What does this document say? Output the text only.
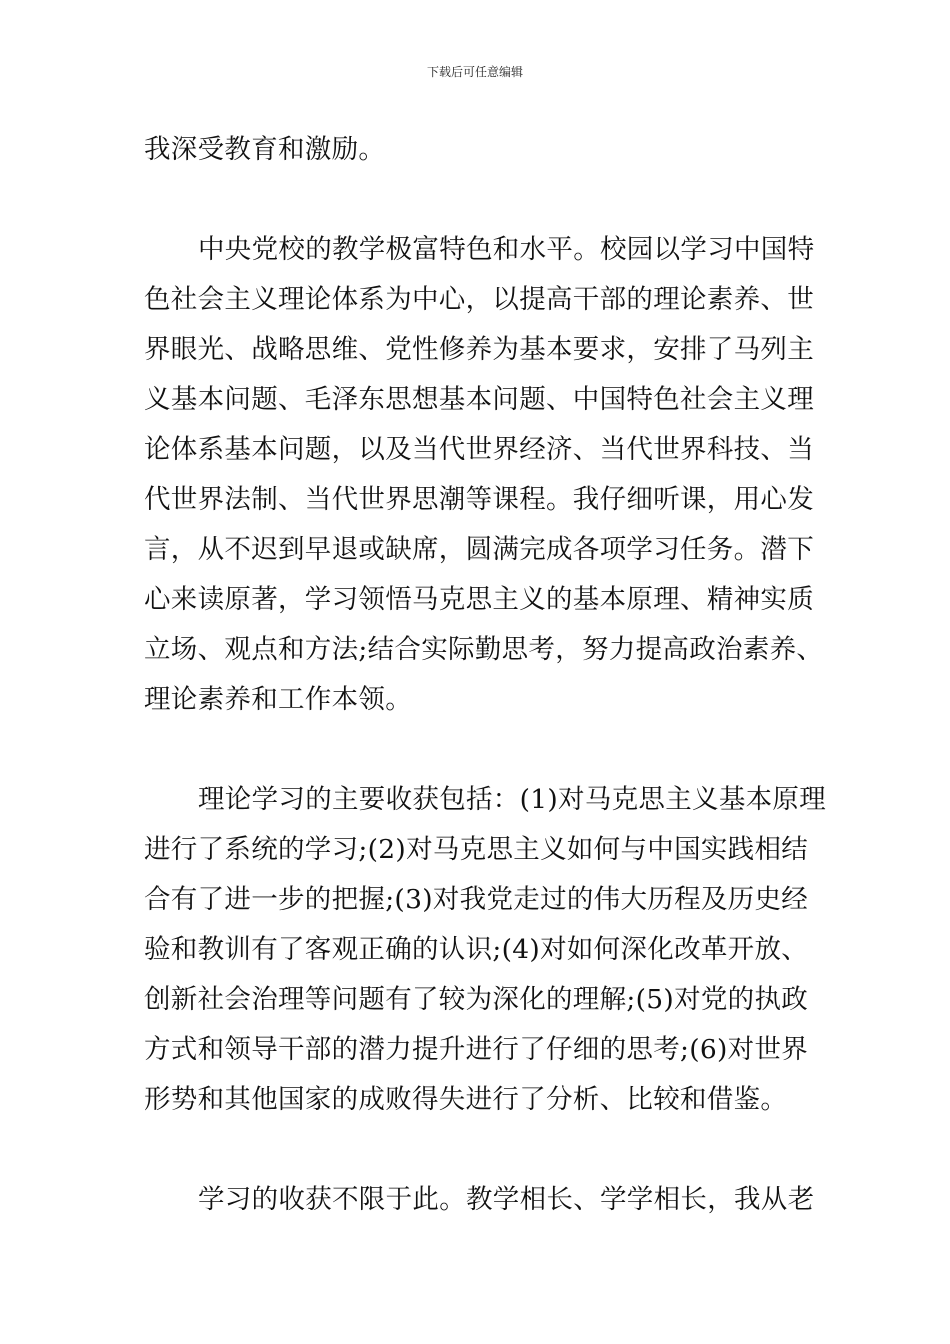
下载后可任意编辑
我深受教育和激励。
中央党校的教学极富特色和水平。校园以学习中国特
色社会主义理论体系为中心，以提高干部的理论素养、世
界眼光、战略思维、党性修养为基本要求，安排了马列主
义基本问题、毛泽东思想基本问题、中国特色社会主义理
论体系基本问题，以及当代世界经济、当代世界科技、当
代世界法制、当代世界思潮等课程。我仔细听课，用心发
言，从不迟到早退或缺席，圆满完成各项学习任务。潜下
心来读原著，学习领悟马克思主义的基本原理、精神实质
立场、观点和方法;结合实际勤思考，努力提高政治素养、
理论素养和工作本领。
理论学习的主要收获包括：(1)对马克思主义基本原理
进行了系统的学习;(2)对马克思主义如何与中国实践相结
合有了进一步的把握;(3)对我党走过的伟大历程及历史经
验和教训有了客观正确的认识;(4)对如何深化改革开放、
创新社会治理等问题有了较为深化的理解;(5)对党的执政
方式和领导干部的潜力提升进行了仔细的思考;(6)对世界
形势和其他国家的成败得失进行了分析、比较和借鉴。
学习的收获不限于此。教学相长、学学相长，我从老
